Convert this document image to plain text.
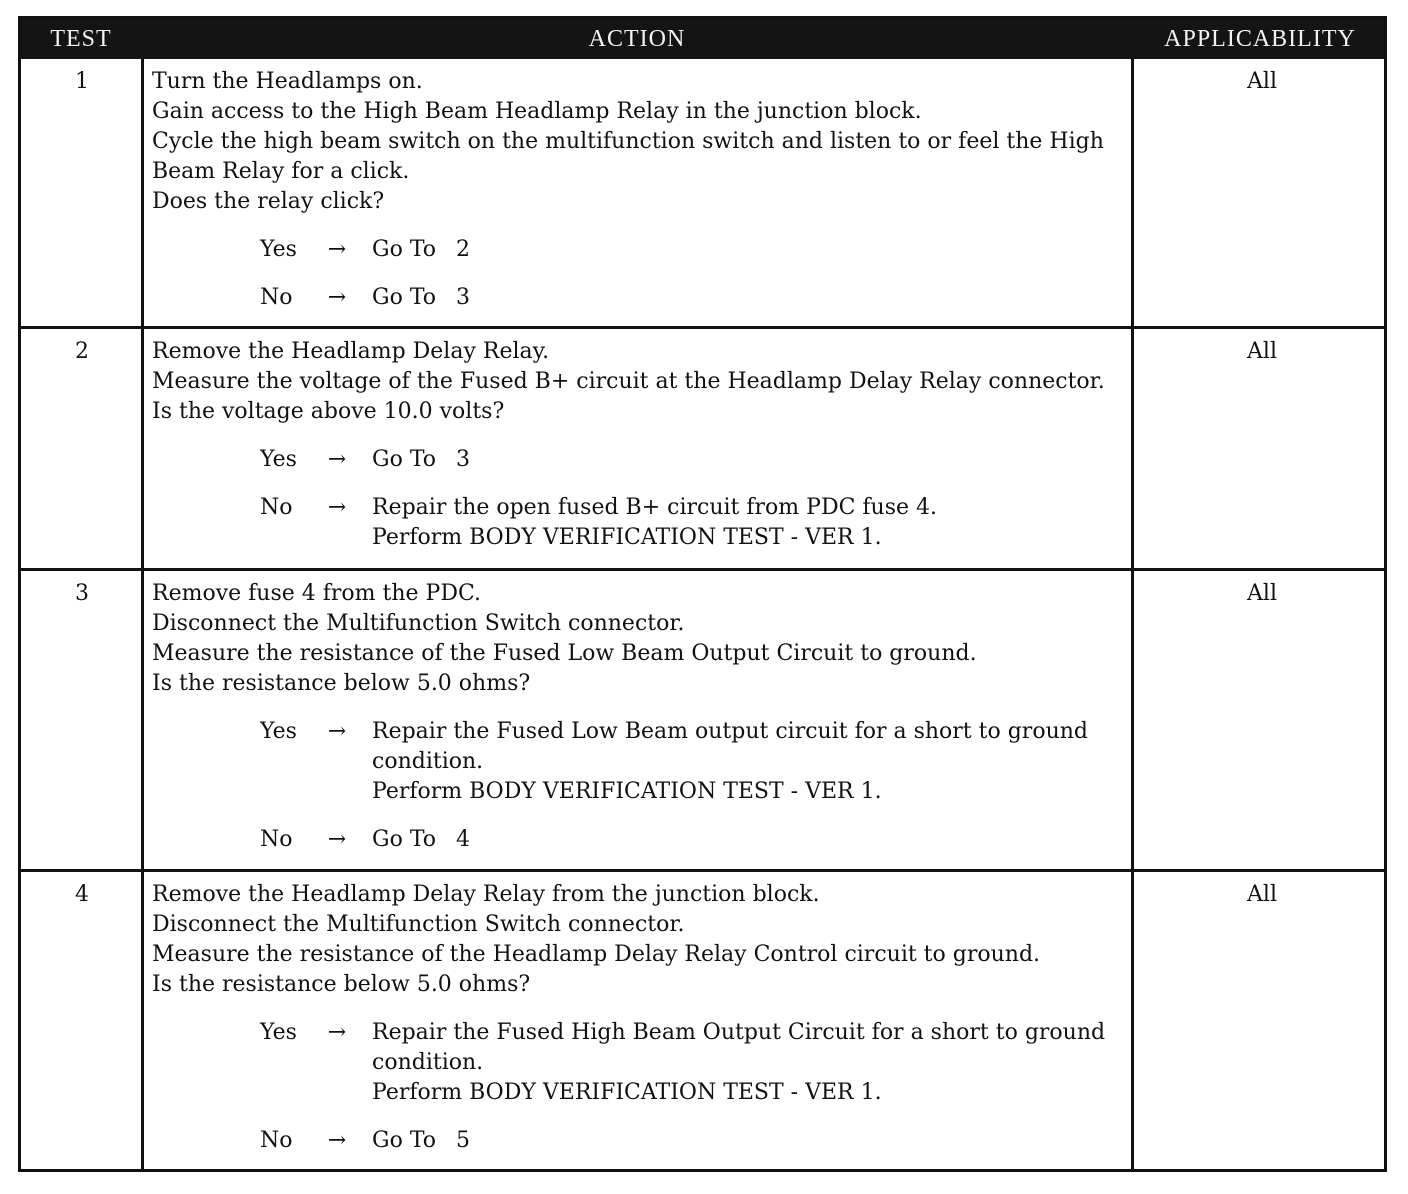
TEST	ACTION	APPLICABILITY
1	Turn the Headlamps on.
Gain access to the High Beam Headlamp Relay in the junction block.
Cycle the high beam switch on the multifunction switch and listen to or feel the High
Beam Relay for a click.
Does the relay click?
Yes	→ Go To 2
No	→ Go To 3
All
2	Remove the Headlamp Delay Relay.
Measure the voltage of the Fused B+ circuit at the Headlamp Delay Relay connector.
Is the voltage above 10.0 volts?
Yes	→ Go To 3
No	→ Repair the open fused B+ circuit from PDC fuse 4.
Perform BODY VERIFICATION TEST - VER 1.
All
3	Remove fuse 4 from the PDC.
Disconnect the Multifunction Switch connector.
Measure the resistance of the Fused Low Beam Output Circuit to ground.
Is the resistance below 5.0 ohms?
Yes	→ Repair the Fused Low Beam output circuit for a short to ground
condition.
Perform BODY VERIFICATION TEST - VER 1.
No	→ Go To 4
All
4	Remove the Headlamp Delay Relay from the junction block.
Disconnect the Multifunction Switch connector.
Measure the resistance of the Headlamp Delay Relay Control circuit to ground.
Is the resistance below 5.0 ohms?
Yes	→ Repair the Fused High Beam Output Circuit for a short to ground
condition.
Perform BODY VERIFICATION TEST - VER 1.
No	→ Go To 5
All
